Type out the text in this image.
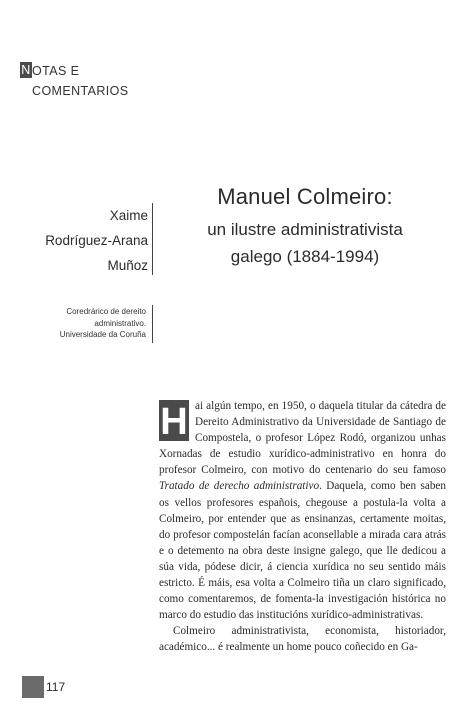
N OTAS E
COMENTARIOS
Xaime
Rodríguez-Arana
Muñoz
Coredrárico de dereito
administrativo.
Universidade da Coruña
Manuel Colmeiro:
un ilustre administrativista
galego (1884-1994)

H ai algún tempo, en 1950, o daquela titular da cátedra de Dereito Administrativo da Universidade de Santiago de Compostela, o profesor López Rodó, organizou unhas Xornadas de estudio xurídico-administrativo en honra do profesor Colmeiro, con motivo do centenario do seu famoso Tratado de derecho administrativo. Daquela, como ben saben os vellos profesores españois, chegouse a postula-la volta a Colmeiro, por entender que as ensinanzas, certamente moitas, do profesor compostelán facían aconsellable a mirada cara atrás e o detemento na obra deste insigne galego, que lle dedicou a súa vida, pódese dicir, á ciencia xurídica no seu sentido máis estricto. É máis, esa volta a Colmeiro tiña un claro significado, como comentaremos, de fomenta-la investigación histórica no marco do estudio das institucións xurídico-administrativas.

Colmeiro administrativista, economista, historiador, académico... é realmente un home pouco coñecido en Ga-

117
